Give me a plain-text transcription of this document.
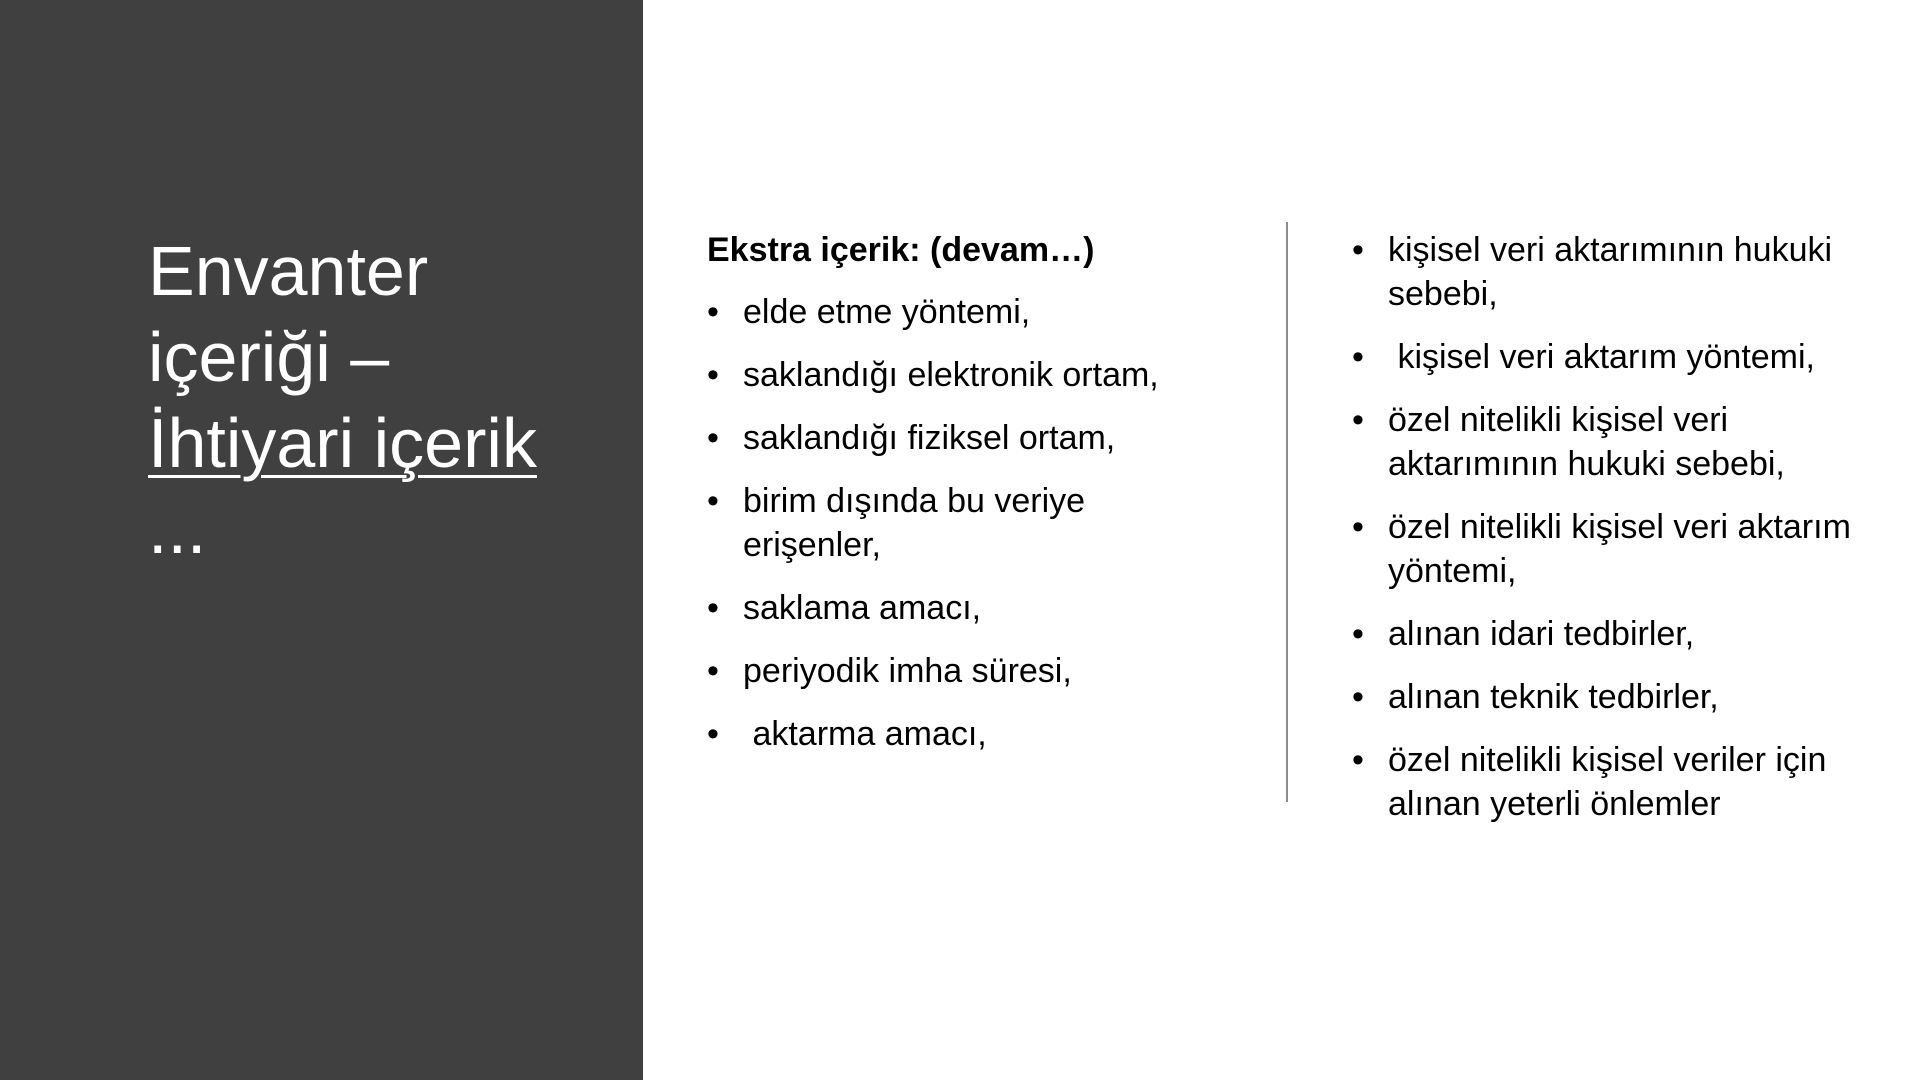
Envanter
içeriği –
İhtiyari içerik
...
Ekstra içerik: (devam…)
• elde etme yöntemi,
• saklandığı elektronik ortam,
• saklandığı fiziksel ortam,
• birim dışında bu veriye erişenler,
• saklama amacı,
• periyodik imha süresi,
• aktarma amacı,
• kişisel veri aktarımının hukuki sebebi,
• kişisel veri aktarım yöntemi,
• özel nitelikli kişisel veri aktarımının hukuki sebebi,
• özel nitelikli kişisel veri aktarım yöntemi,
• alınan idari tedbirler,
• alınan teknik tedbirler,
• özel nitelikli kişisel veriler için alınan yeterli önlemler
